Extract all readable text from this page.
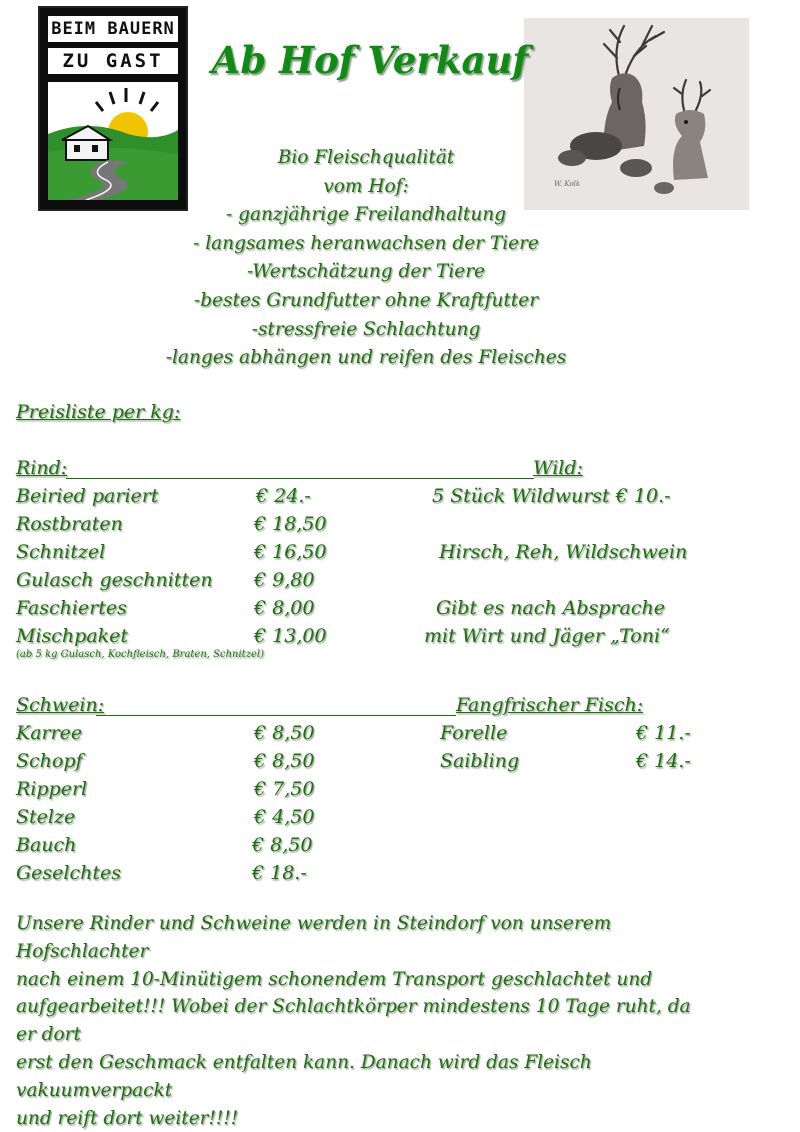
BEIM BAUERN
ZU GAST
W. Kolk
Ab Hof Verkauf
Bio Fleischqualität
vom Hof:
- ganzjährige Freilandhaltung
- langsames heranwachsen der Tiere
-Wertschätzung der Tiere
-bestes Grundfutter ohne Kraftfutter
-stressfreie Schlachtung
-langes abhängen und reifen des Fleisches
Preisliste per kg:
Rind:	Wild:
Beiried pariert	€ 24.-
Rostbraten	€ 18,50
Schnitzel	€ 16,50
Gulasch geschnitten € 9,80
Faschiertes	€ 8,00
Mischpaket	€ 13,00
(ab 5 kg Gulasch, Kochfleisch, Braten, Schnitzel)
5 Stück Wildwurst € 10.-
Hirsch, Reh, Wildschwein
Gibt es nach Absprache
mit Wirt und Jäger „Toni“
Schwein:	Fangfrischer Fisch:
Karree	€ 8,50
Schopf	€ 8,50
Ripperl	€ 7,50
Stelze	€ 4,50
Bauch	€ 8,50
Geselchtes	€ 18.-
Forelle	€ 11.-
Saibling	€ 14.-
Unsere Rinder und Schweine werden in Steindorf von unserem Hofschlachter
nach einem 10-Minütigem schonendem Transport geschlachtet und
aufgearbeitet!!! Wobei der Schlachtkörper mindestens 10 Tage ruht, da er dort
erst den Geschmack entfalten kann. Danach wird das Fleisch vakuumverpackt
und reift dort weiter!!!!
